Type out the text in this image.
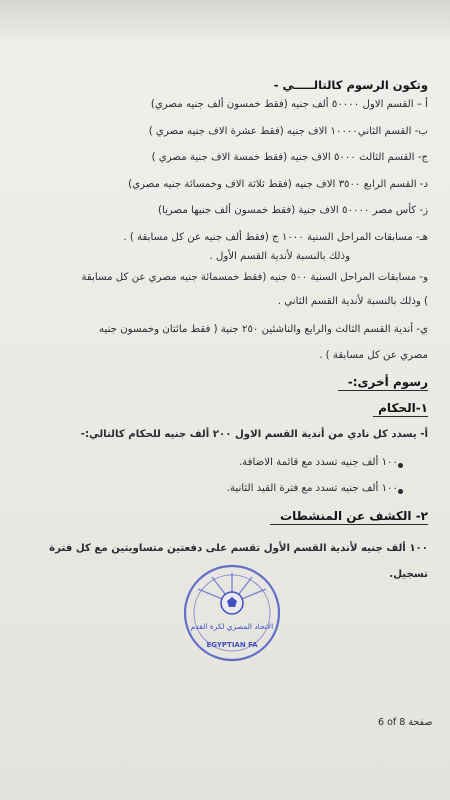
وتكون الرسوم كالتالـــــي -
أ – القسم الاول ٥٠٠٠٠ ألف جنيه (فقط خمسون ألف جنيه مصري)
ب- القسم الثاني١٠٠٠٠ الاف جنيه (فقط عشرة الاف جنيه مصري )
ج- القسم الثالث ٥٠٠٠ الاف جنيه (فقط خمسة الاف جنية مصري )
د- القسم الرابع ٣٥٠٠ الاف جنيه (فقط ثلاثة الاف وخمسائة جنيه مصري)
ز- كأس مصر ٥٠٠٠٠ الاف جنية (فقط خمسون ألف جنيها مصريا)
هـ- مسابقات المراحل السنية ١٠٠٠ ج (فقط ألف جنيه عن كل مسابقة ) .
وذلك بالنسبة لأندية القسم الأول .
و- مسابقات المراحل السنية ٥٠٠ جنيه (فقط خمسمائة جنيه مصري عن كل مسابقة
) وذلك بالنسبة لأندية القسم الثاني .
ي- أندية القسم الثالث والرابع والناشئين ٢٥٠ جنية ( فقط مائتان وخمسون جنيه
مصري عن كل مسابقة ) .
رسوم أخرى:-
١-الحكام
أ- يسدد كل نادي من أندية القسم الاول ٢٠٠ ألف جنيه للحكام كالتالي:-
١٠٠ ألف جنيه تسدد مع قائمة الاضافة.
١٠٠ ألف جنيه تسدد مع فترة القيد الثانية.
٢- الكشف عن المنشطات
١٠٠ ألف جنيه لأندية القسم الأول تقسم على دفعتين متساويتين مع كل فترة
تسجيل.
الاتحاد المصري لكرة القدم
EGYPTIAN FA
6 of 8 صفحة
